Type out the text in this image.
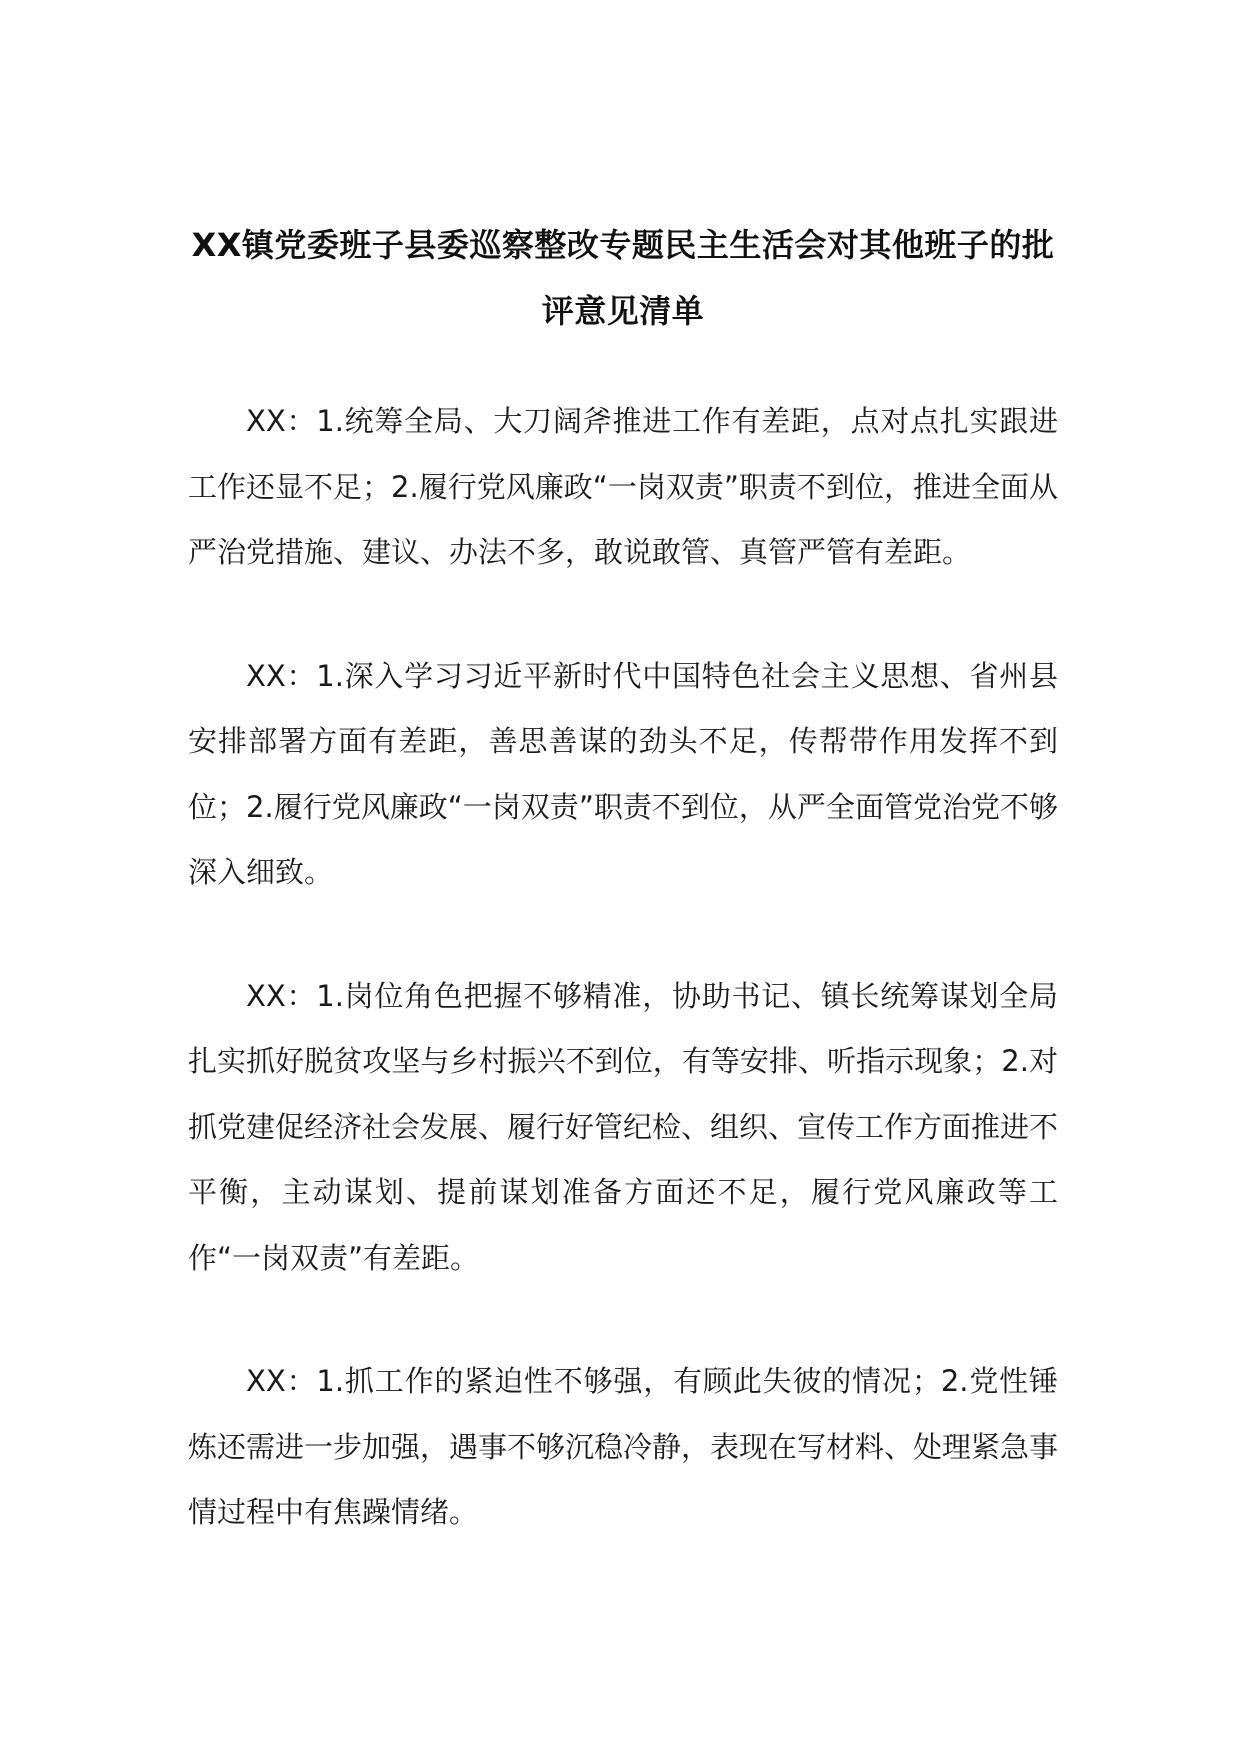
XX镇党委班子县委巡察整改专题民主生活会对其他班子的批评意见清单

XX：1.统筹全局、大刀阔斧推进工作有差距，点对点扎实跟进工作还显不足；2.履行党风廉政“一岗双责”职责不到位，推进全面从严治党措施、建议、办法不多，敢说敢管、真管严管有差距。

XX：1.深入学习习近平新时代中国特色社会主义思想、省州县安排部署方面有差距，善思善谋的劲头不足，传帮带作用发挥不到位；2.履行党风廉政“一岗双责”职责不到位，从严全面管党治党不够深入细致。

XX：1.岗位角色把握不够精准，协助书记、镇长统筹谋划全局扎实抓好脱贫攻坚与乡村振兴不到位，有等安排、听指示现象；2.对抓党建促经济社会发展、履行好管纪检、组织、宣传工作方面推进不平衡，主动谋划、提前谋划准备方面还不足，履行党风廉政等工作“一岗双责”有差距。

XX：1.抓工作的紧迫性不够强，有顾此失彼的情况；2.党性锤炼还需进一步加强，遇事不够沉稳冷静，表现在写材料、处理紧急事情过程中有焦躁情绪。
